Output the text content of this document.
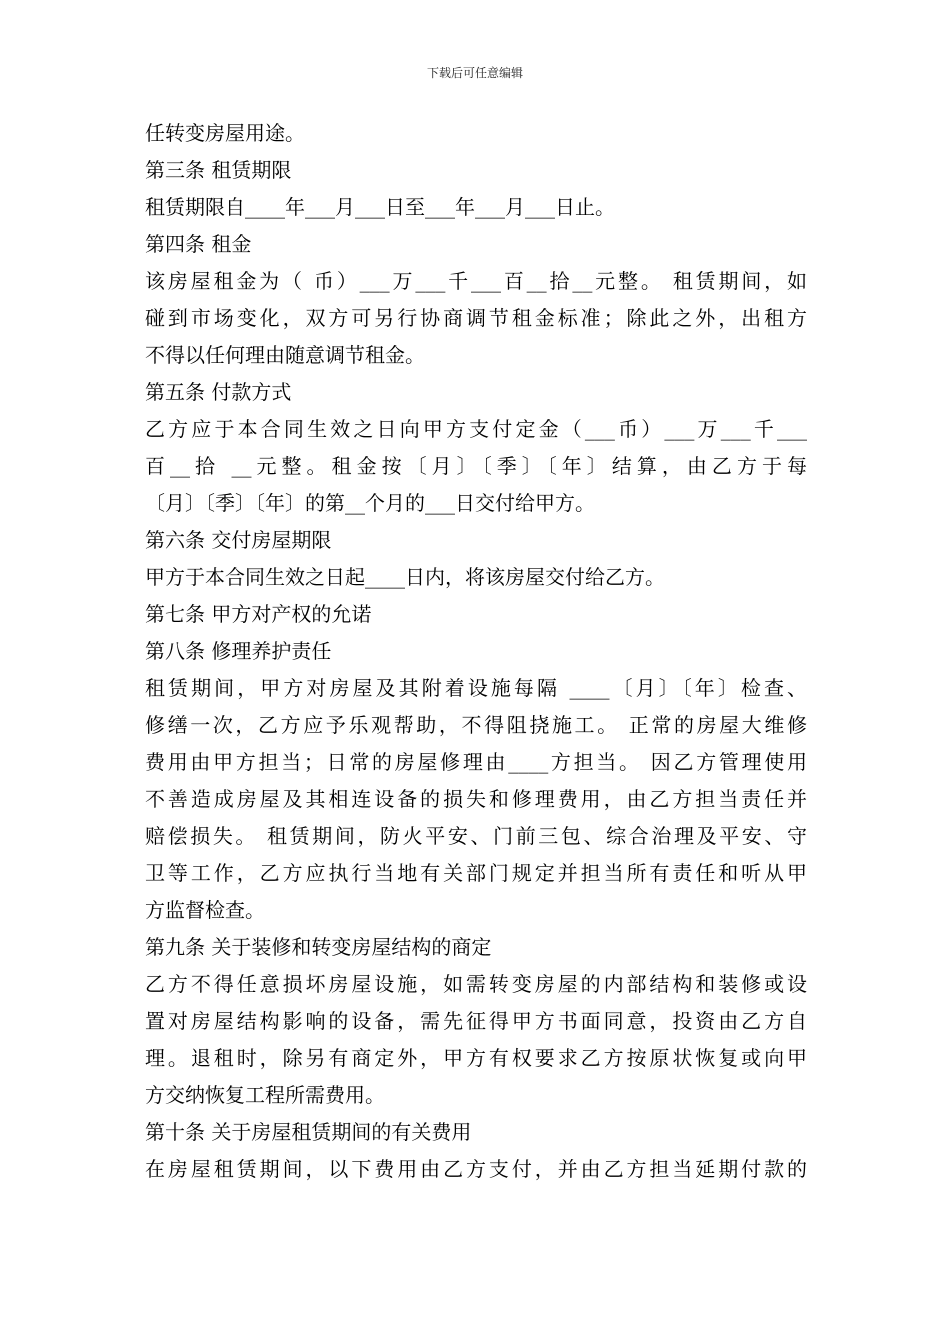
下载后可任意编辑
任转变房屋用途。
第三条 租赁期限
租赁期限自____年___月___日至___年___月___日止。
第四条 租金
该房屋租金为（ 币）___万___千___百__拾__元整。 租赁期间，如
碰到市场变化，双方可另行协商调节租金标准；除此之外，出租方
不得以任何理由随意调节租金。
第五条 付款方式
乙方应于本合同生效之日向甲方支付定金（___币）___万___千___
百__拾 __元整。租金按〔月〕〔季〕〔年〕结算，由乙方于每
〔月〕〔季〕〔年〕的第__个月的___日交付给甲方。
第六条 交付房屋期限
甲方于本合同生效之日起____日内，将该房屋交付给乙方。
第七条 甲方对产权的允诺
第八条 修理养护责任
租赁期间，甲方对房屋及其附着设施每隔 ____〔月〕〔年〕检查、
修缮一次，乙方应予乐观帮助，不得阻挠施工。 正常的房屋大维修
费用由甲方担当；日常的房屋修理由____方担当。 因乙方管理使用
不善造成房屋及其相连设备的损失和修理费用，由乙方担当责任并
赔偿损失。 租赁期间，防火平安、门前三包、综合治理及平安、守
卫等工作，乙方应执行当地有关部门规定并担当所有责任和听从甲
方监督检查。
第九条 关于装修和转变房屋结构的商定
乙方不得任意损坏房屋设施，如需转变房屋的内部结构和装修或设
置对房屋结构影响的设备，需先征得甲方书面同意，投资由乙方自
理。退租时，除另有商定外，甲方有权要求乙方按原状恢复或向甲
方交纳恢复工程所需费用。
第十条 关于房屋租赁期间的有关费用
在房屋租赁期间，以下费用由乙方支付，并由乙方担当延期付款的
